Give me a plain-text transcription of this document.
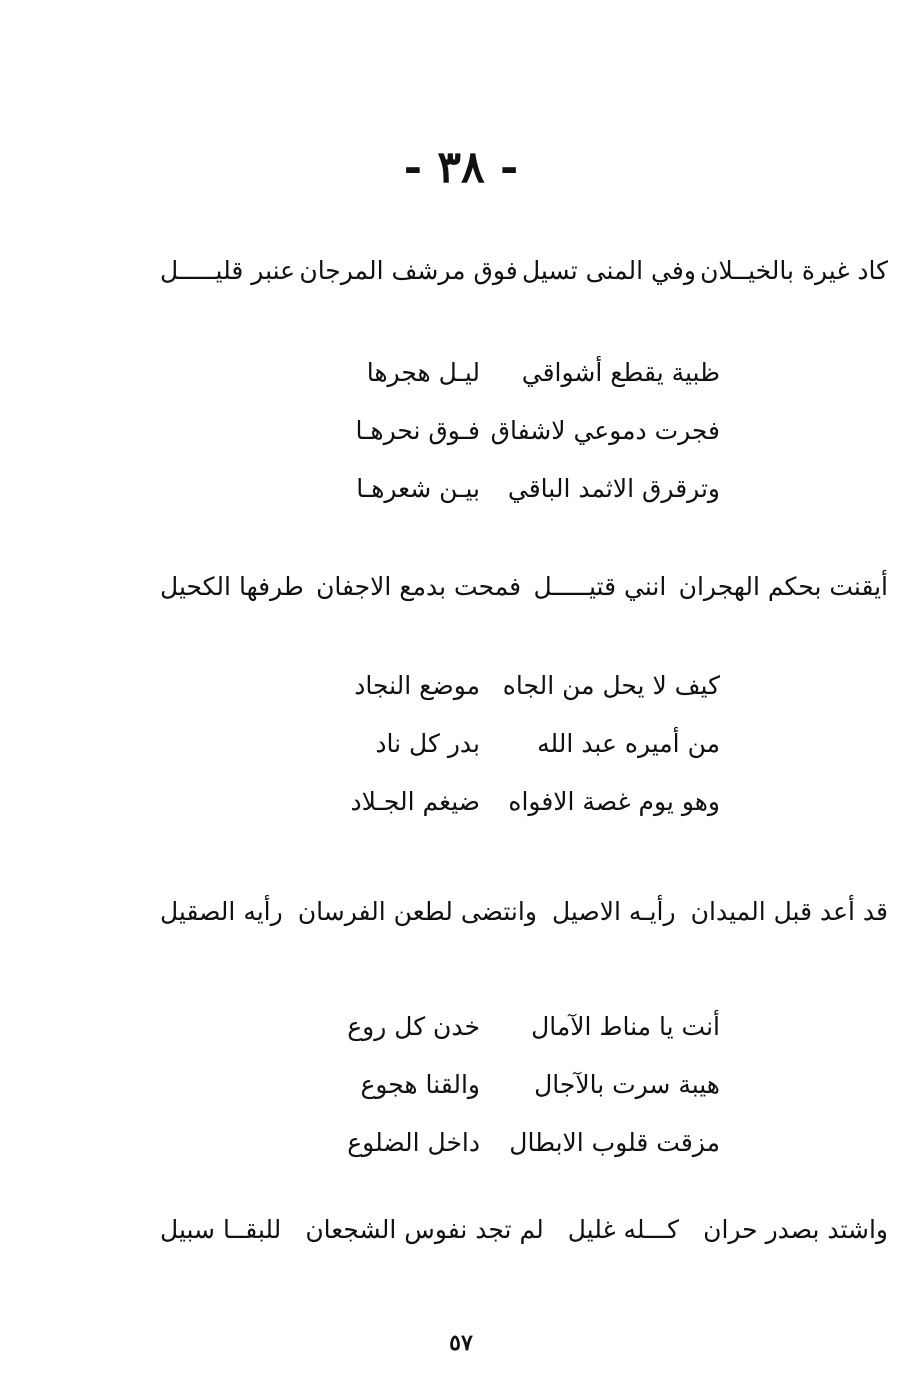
- ٣٨ -
كاد غيرة بالخيــلان
وفي المنى تسيل
فوق مرشف المرجان
عنبر قليـــــل
ظبية يقطع أشواقي
ليـل هجرها
فجرت دموعي لاشفاق
فـوق نحرهـا
وترقرق الاثمد الباقي
بيـن شعرهـا
أيقنت بحكم الهجران
انني قتيـــــل
فمحت بدمع الاجفان
طرفها الكحيل
كيف لا يحل من الجاه
موضع النجاد
من أميره عبد الله
بدر كل ناد
وهو يوم غصة الافواه
ضيغم الجـلاد
قد أعد قبل الميدان
رأيـه الاصيل
وانتضى لطعن الفرسان
رأيه الصقيل
أنت يا مناط الآمال
خدن كل روع
هيبة سرت بالآجال
والقنا هجوع
مزقت قلوب الابطال
داخل الضلوع
واشتد بصدر حران
كـــله غليل
لم تجد نفوس الشجعان
للبقــا سبيل
٥٧
